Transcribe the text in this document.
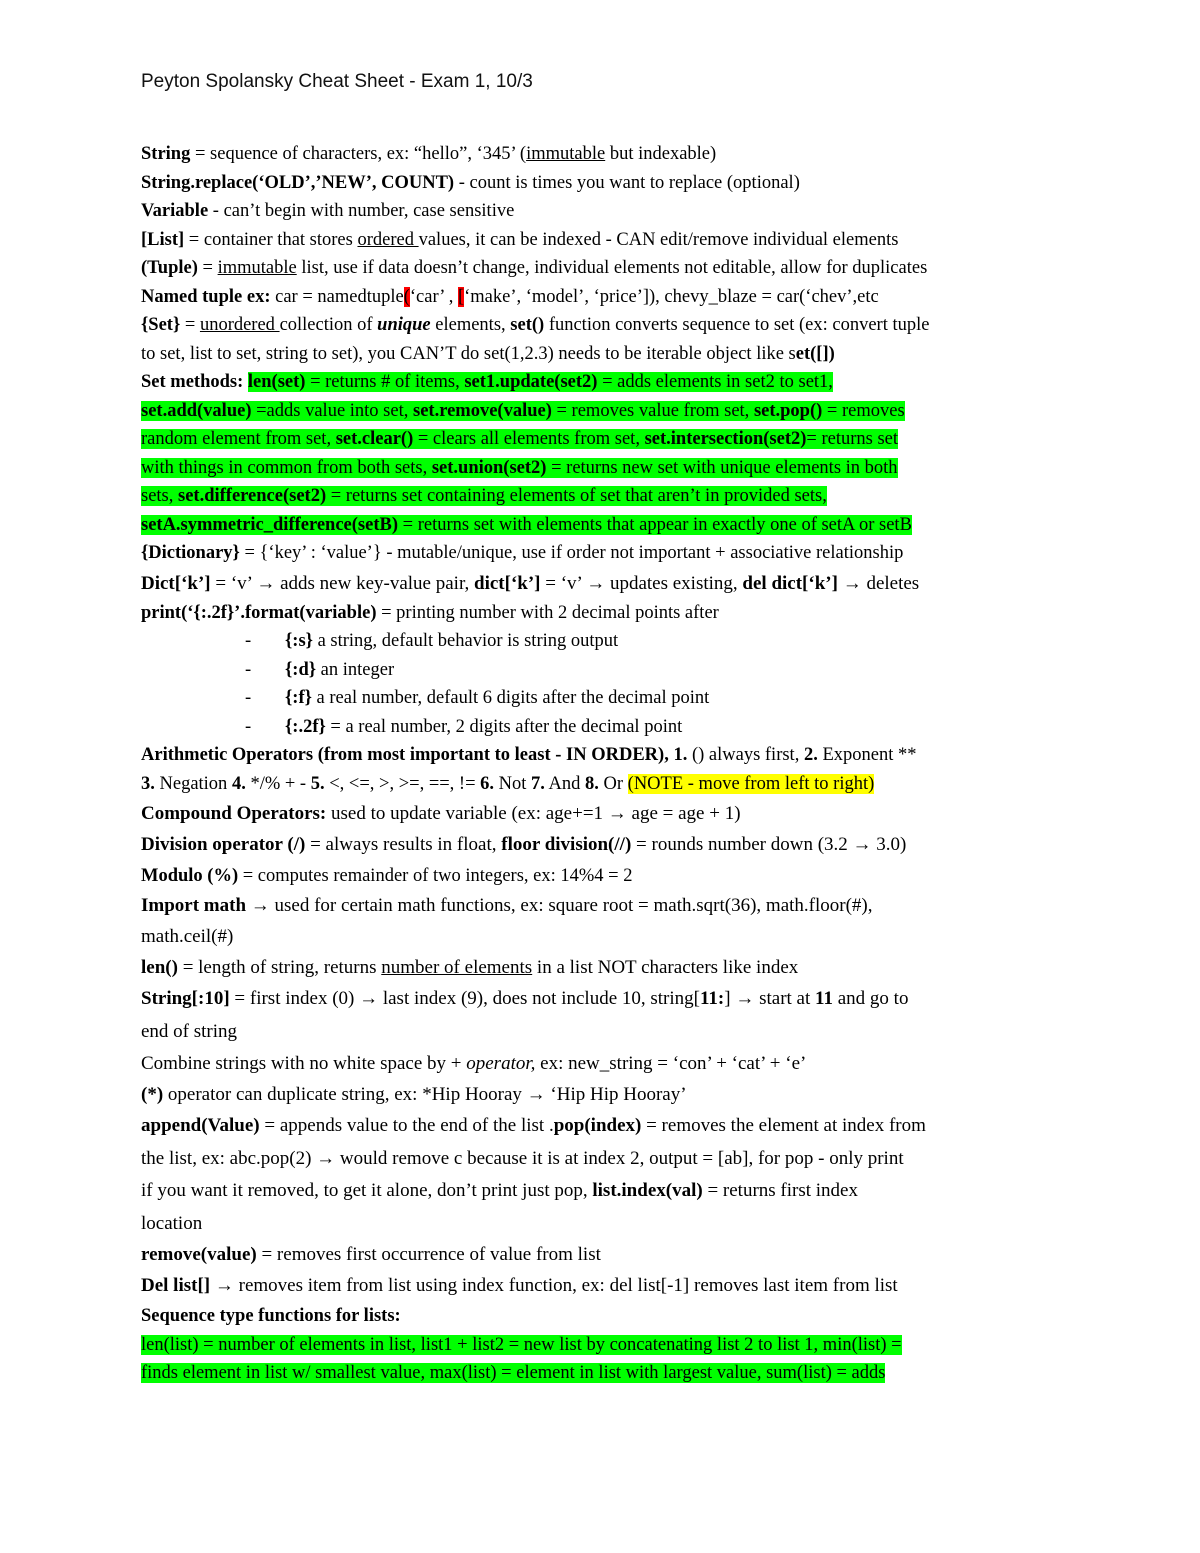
Peyton Spolansky Cheat Sheet - Exam 1, 10/3
String = sequence of characters, ex: “hello”, ‘345’ (immutable but indexable)
String.replace(‘OLD’,’NEW’, COUNT) - count is times you want to replace (optional)
Variable - can’t begin with number, case sensitive
[List] = container that stores ordered values, it can be indexed - CAN edit/remove individual elements
(Tuple) = immutable list, use if data doesn’t change, individual elements not editable, allow for duplicates
Named tuple ex: car = namedtuple(‘car’ , [‘make’, ‘model’, ‘price’]), chevy_blaze = car(‘chev’,etc
{Set} = unordered collection of unique elements, set() function converts sequence to set (ex: convert tuple
to set, list to set, string to set), you CAN’T do set(1,2.3) needs to be iterable object like set([])
Set methods: len(set) = returns # of items, set1.update(set2) = adds elements in set2 to set1,
set.add(value) =adds value into set, set.remove(value) = removes value from set, set.pop() = removes
random element from set, set.clear() = clears all elements from set, set.intersection(set2)= returns set
with things in common from both sets, set.union(set2) = returns new set with unique elements in both
sets, set.difference(set2) = returns set containing elements of set that aren’t in provided sets,
setA.symmetric_difference(setB) = returns set with elements that appear in exactly one of setA or setB
{Dictionary} = {‘key’ : ‘value’} - mutable/unique, use if order not important + associative relationship
Dict[‘k’] = ‘v’ → adds new key-value pair, dict[‘k’] = ‘v’ → updates existing, del dict[‘k’] → deletes
print(‘{:.2f}’.format(variable) = printing number with 2 decimal points after
- {:s} a string, default behavior is string output
- {:d} an integer
- {:f} a real number, default 6 digits after the decimal point
- {:.2f} = a real number, 2 digits after the decimal point
Arithmetic Operators (from most important to least - IN ORDER), 1. () always first, 2. Exponent **
3. Negation 4. */% + - 5. <, <=, >, >=, ==, != 6. Not 7. And 8. Or (NOTE - move from left to right)
Compound Operators: used to update variable (ex: age+=1 → age = age + 1)
Division operator (/) = always results in float, floor division(//) = rounds number down (3.2 → 3.0)
Modulo (%) = computes remainder of two integers, ex: 14%4 = 2
Import math → used for certain math functions, ex: square root = math.sqrt(36), math.floor(#),
math.ceil(#)
len() = length of string, returns number of elements in a list NOT characters like index
String[:10] = first index (0) → last index (9), does not include 10, string[11:] → start at 11 and go to
end of string
Combine strings with no white space by + operator, ex: new_string = ‘con’ + ‘cat’ + ‘e’
(*) operator can duplicate string, ex: *Hip Hooray → ‘Hip Hip Hooray’
append(Value) = appends value to the end of the list .pop(index) = removes the element at index from
the list, ex: abc.pop(2) → would remove c because it is at index 2, output = [ab], for pop - only print
if you want it removed, to get it alone, don’t print just pop, list.index(val) = returns first index
location
remove(value) = removes first occurrence of value from list
Del list[] → removes item from list using index function, ex: del list[-1] removes last item from list
Sequence type functions for lists:
len(list) = number of elements in list, list1 + list2 = new list by concatenating list 2 to list 1, min(list) =
finds element in list w/ smallest value, max(list) = element in list with largest value, sum(list) = adds
